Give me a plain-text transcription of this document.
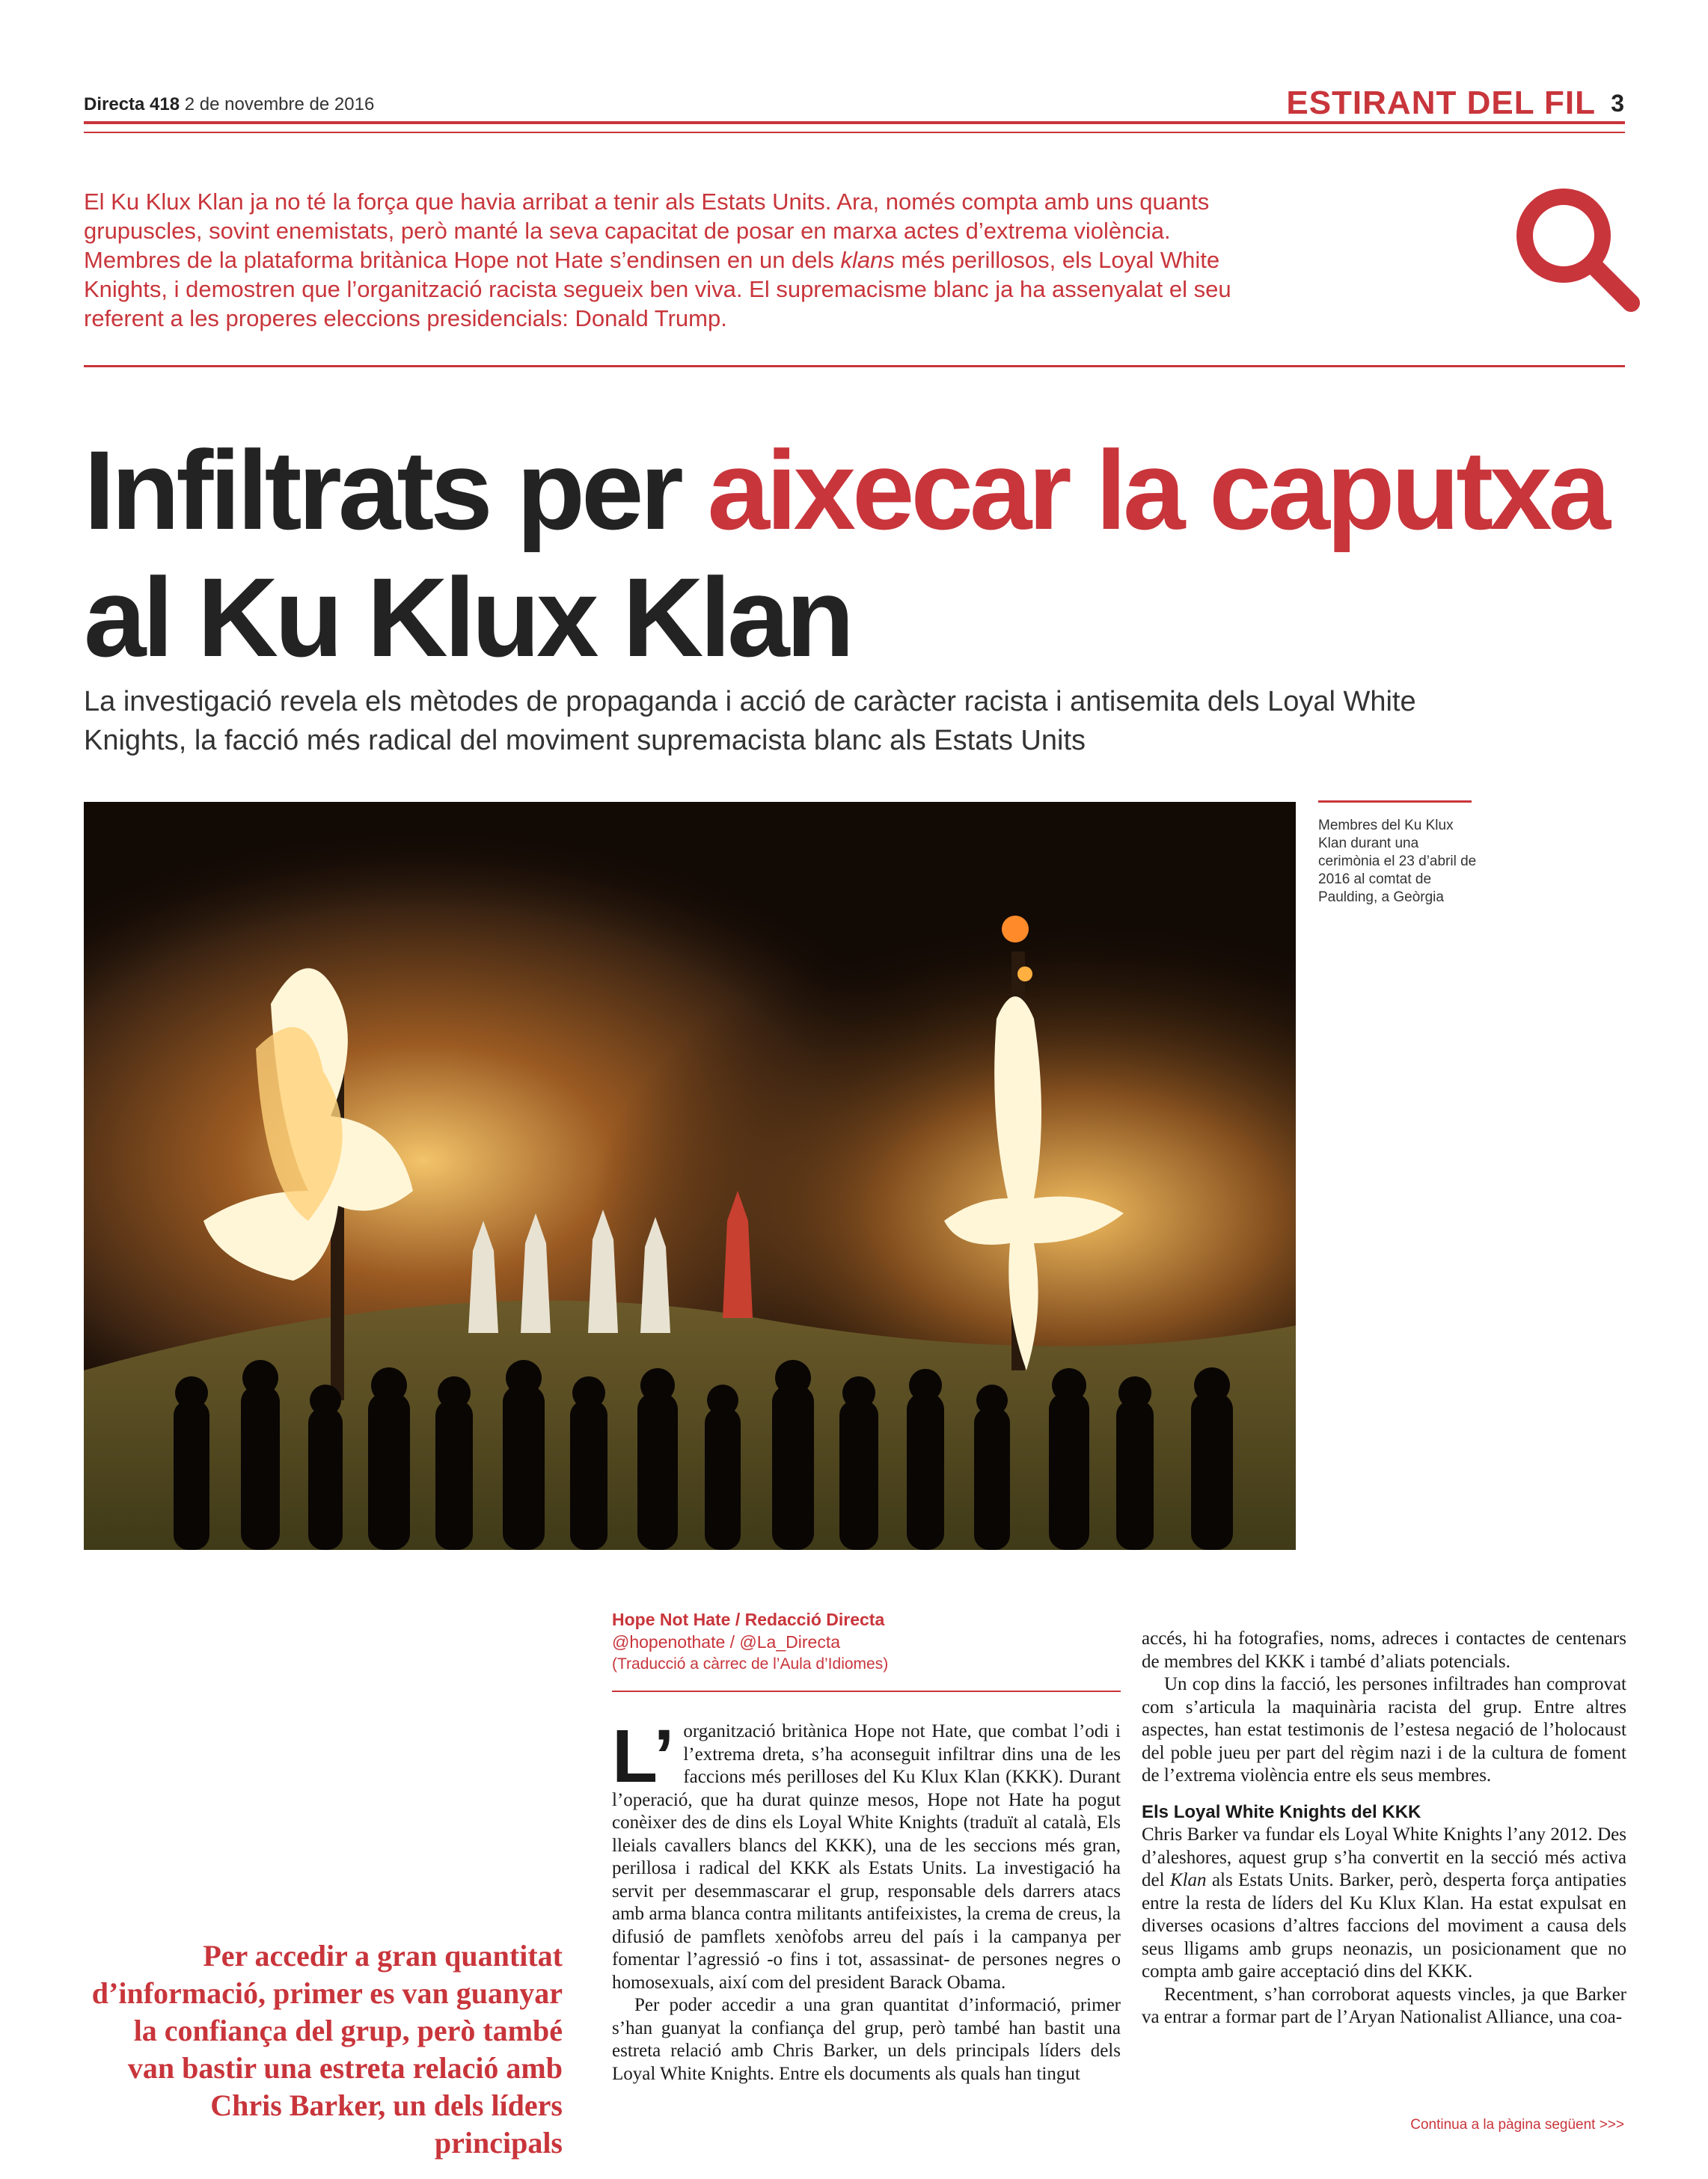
Directa 418 2 de novembre de 2016	ESTIRANT DEL FIL 3
El Ku Klux Klan ja no té la força que havia arribat a tenir als Estats Units. Ara, només compta amb uns quants grupuscles, sovint enemistats, però manté la seva capacitat de posar en marxa actes d’extrema violència. Membres de la plataforma britànica Hope not Hate s’endinsen en un dels klans més perillosos, els Loyal White Knights, i demostren que l’organització racista segueix ben viva. El supremacisme blanc ja ha assenyalat el seu referent a les properes eleccions presidencials: Donald Trump.
Infiltrats per aixecar la caputxa al Ku Klux Klan
La investigació revela els mètodes de propaganda i acció de caràcter racista i antisemita dels Loyal White Knights, la facció més radical del moviment supremacista blanc als Estats Units
Membres del Ku Klux Klan durant una cerimònia el 23 d’abril de 2016 al comtat de Paulding, a Geòrgia
Per accedir a gran quantitat d’informació, primer es van guanyar la confiança del grup, però també van bastir una estreta relació amb Chris Barker, un dels líders principals
Hope Not Hate / Redacció Directa
@hopenothate / @La_Directa
(Traducció a càrrec de l’Aula d’Idiomes)

L’ organització britànica Hope not Hate, que combat l’odi i l’extrema dreta, s’ha aconseguit infiltrar dins una de les faccions més perilloses del Ku Klux Klan (KKK). Durant l’operació, que ha durat quinze mesos, Hope not Hate ha pogut conèixer des de dins els Loyal White Knights (traduït al català, Els lleials cavallers blancs del KKK), una de les seccions més gran, perillosa i radical del KKK als Estats Units. La investigació ha servit per desemmascarar el grup, responsable dels darrers atacs amb arma blanca contra militants antifeixistes, la crema de creus, la difusió de pamflets xenòfobs arreu del país i la campanya per fomentar l’agressió -o fins i tot, assassinat- de persones negres o homosexuals, així com del president Barack Obama.

Per poder accedir a una gran quantitat d’informació, primer s’han guanyat la confiança del grup, però també han bastit una estreta relació amb Chris Barker, un dels principals líders dels Loyal White Knights. Entre els documents als quals han tingut

accés, hi ha fotografies, noms, adreces i contactes de centenars de membres del KKK i també d’aliats potencials.

Un cop dins la facció, les persones infiltrades han comprovat com s’articula la maquinària racista del grup. Entre altres aspectes, han estat testimonis de l’estesa negació de l’holocaust del poble jueu per part del règim nazi i de la cultura de foment de l’extrema violència entre els seus membres.

Els Loyal White Knights del KKK

Chris Barker va fundar els Loyal White Knights l’any 2012. Des d’aleshores, aquest grup s’ha convertit en la secció més activa del Klan als Estats Units. Barker, però, desperta força antipaties entre la resta de líders del Ku Klux Klan. Ha estat expulsat en diverses ocasions d’altres faccions del moviment a causa dels seus lligams amb grups neonazis, un posicionament que no compta amb gaire acceptació dins del KKK.

Recentment, s’han corroborat aquests vincles, ja que Barker va entrar a formar part de l’Aryan Nationalist Alliance, una coa-

Continua a la pàgina següent >>>
